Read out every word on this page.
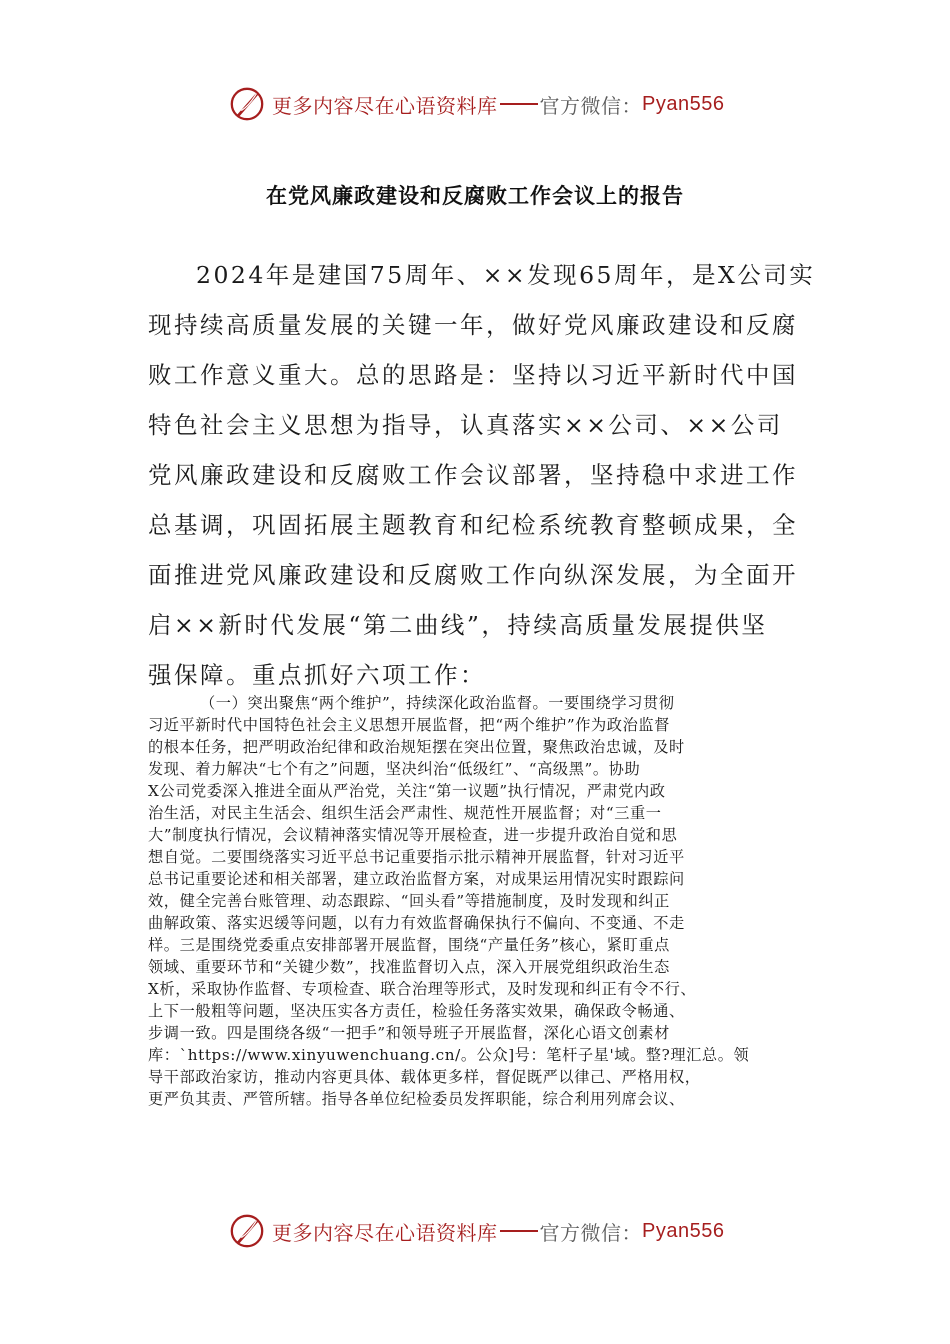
更多内容尽在心语资料库 官方微信： Pyan556
在党风廉政建设和反腐败工作会议上的报告
2024年是建国75周年、××发现65周年，是X公司实
现持续高质量发展的关键一年，做好党风廉政建设和反腐
败工作意义重大。总的思路是：坚持以习近平新时代中国
特色社会主义思想为指导，认真落实××公司、××公司
党风廉政建设和反腐败工作会议部署，坚持稳中求进工作
总基调，巩固拓展主题教育和纪检系统教育整顿成果，全
面推进党风廉政建设和反腐败工作向纵深发展，为全面开
启××新时代发展“第二曲线”，持续高质量发展提供坚
强保障。重点抓好六项工作：
（一）突出聚焦“两个维护”，持续深化政治监督。一要围绕学习贯彻
习近平新时代中国特色社会主义思想开展监督，把“两个维护”作为政治监督
的根本任务，把严明政治纪律和政治规矩摆在突出位置，聚焦政治忠诚，及时
发现、着力解决“七个有之”问题，坚决纠治“低级红”、“高级黑”。协助
X公司党委深入推进全面从严治党，关注“第一议题”执行情况，严肃党内政
治生活，对民主生活会、组织生活会严肃性、规范性开展监督；对“三重一
大”制度执行情况，会议精神落实情况等开展检查，进一步提升政治自觉和思
想自觉。二要围绕落实习近平总书记重要指示批示精神开展监督，针对习近平
总书记重要论述和相关部署，建立政治监督方案，对成果运用情况实时跟踪问
效，健全完善台账管理、动态跟踪、“回头看”等措施制度，及时发现和纠正
曲解政策、落实迟缓等问题，以有力有效监督确保执行不偏向、不变通、不走
样。三是围绕党委重点安排部署开展监督，围绕“产量任务”核心，紧盯重点
领域、重要环节和“关键少数”，找准监督切入点，深入开展党组织政治生态
X析，采取协作监督、专项检查、联合治理等形式，及时发现和纠正有令不行、
上下一般粗等问题，坚决压实各方责任，检验任务落实效果，确保政令畅通、
步调一致。四是围绕各级“一把手”和领导班子开展监督，深化心语文创素材
库：`https://www.xinyuwenchuang.cn/。公众]号：笔杆子星'域。整?理汇总。领
导干部政治家访，推动内容更具体、载体更多样，督促既严以律己、严格用权，
更严负其责、严管所辖。指导各单位纪检委员发挥职能，综合利用列席会议、
更多内容尽在心语资料库 官方微信： Pyan556
